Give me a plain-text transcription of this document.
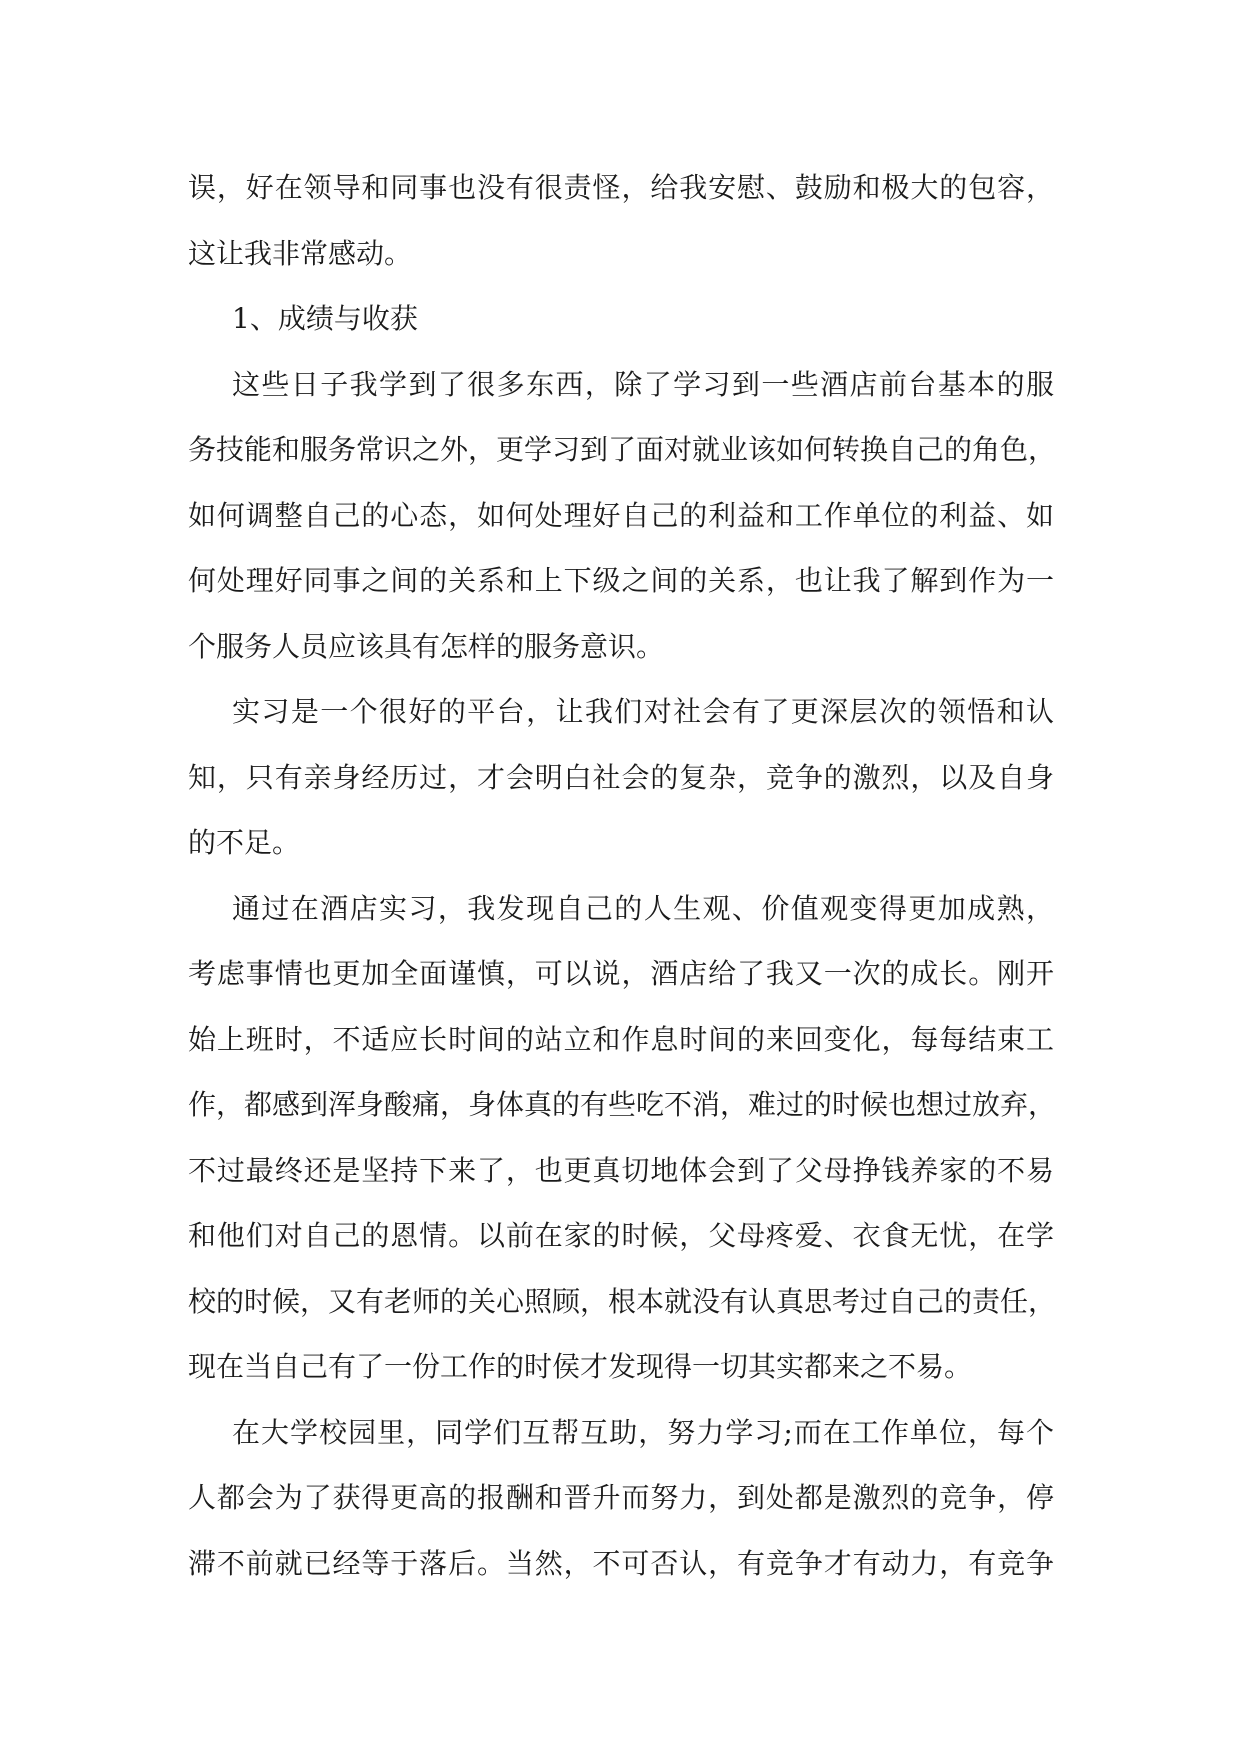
误，好在领导和同事也没有很责怪，给我安慰、鼓励和极大的包容，
这让我非常感动。
1、成绩与收获
这些日子我学到了很多东西，除了学习到一些酒店前台基本的服
务技能和服务常识之外，更学习到了面对就业该如何转换自己的角色，
如何调整自己的心态，如何处理好自己的利益和工作单位的利益、如
何处理好同事之间的关系和上下级之间的关系，也让我了解到作为一
个服务人员应该具有怎样的服务意识。
实习是一个很好的平台，让我们对社会有了更深层次的领悟和认
知，只有亲身经历过，才会明白社会的复杂，竞争的激烈，以及自身
的不足。
通过在酒店实习，我发现自己的人生观、价值观变得更加成熟，
考虑事情也更加全面谨慎，可以说，酒店给了我又一次的成长。刚开
始上班时，不适应长时间的站立和作息时间的来回变化，每每结束工
作，都感到浑身酸痛，身体真的有些吃不消，难过的时候也想过放弃，
不过最终还是坚持下来了，也更真切地体会到了父母挣钱养家的不易
和他们对自己的恩情。以前在家的时候，父母疼爱、衣食无忧，在学
校的时候，又有老师的关心照顾，根本就没有认真思考过自己的责任，
现在当自己有了一份工作的时侯才发现得一切其实都来之不易。
在大学校园里，同学们互帮互助，努力学习;而在工作单位，每个
人都会为了获得更高的报酬和晋升而努力，到处都是激烈的竞争，停
滞不前就已经等于落后。当然，不可否认，有竞争才有动力，有竞争
